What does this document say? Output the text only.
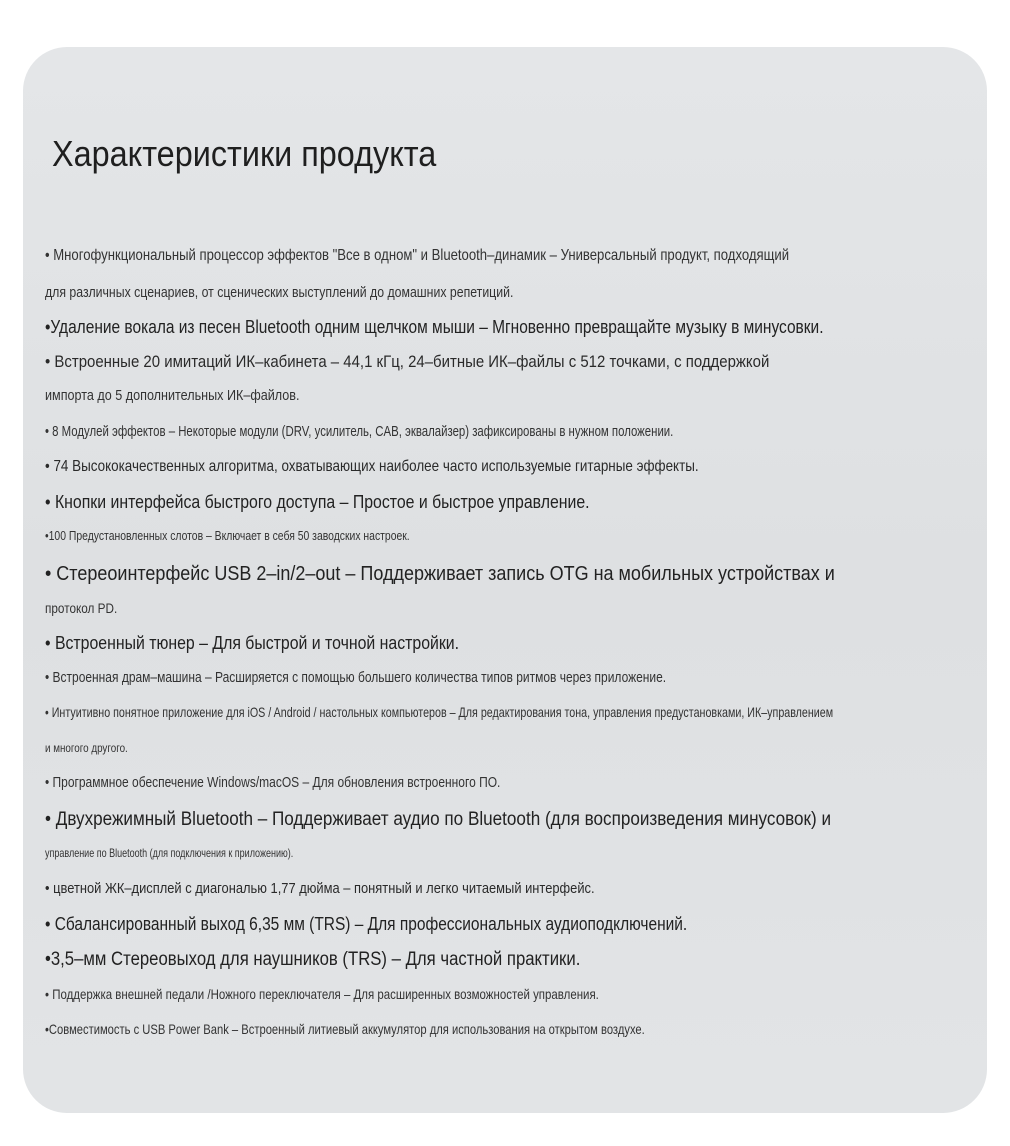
Характеристики продукта

• Многофункциональный процессор эффектов "Все в одном" и Bluetooth–динамик – Универсальный продукт, подходящий

для различных сценариев, от сценических выступлений до домашних репетиций.

•Удаление вокала из песен Bluetooth одним щелчком мыши – Мгновенно превращайте музыку в минусовки.

• Встроенные 20 имитаций ИК–кабинета – 44,1 кГц, 24–битные ИК–файлы с 512 точками, с поддержкой

импорта до 5 дополнительных ИК–файлов.

• 8 Модулей эффектов – Некоторые модули (DRV, усилитель, CAB, эквалайзер) зафиксированы в нужном положении.

• 74 Высококачественных алгоритма, охватывающих наиболее часто используемые гитарные эффекты.

• Кнопки интерфейса быстрого доступа – Простое и быстрое управление.

•100 Предустановленных слотов – Включает в себя 50 заводских настроек.

• Стереоинтерфейс USB 2–in/2–out – Поддерживает запись OTG на мобильных устройствах и

протокол PD.

• Встроенный тюнер – Для быстрой и точной настройки.

• Встроенная драм–машина – Расширяется с помощью большего количества типов ритмов через приложение.

• Интуитивно понятное приложение для iOS / Android / настольных компьютеров – Для редактирования тона, управления предустановками, ИК–управлением

и многого другого.

• Программное обеспечение Windows/macOS – Для обновления встроенного ПО.

• Двухрежимный Bluetooth – Поддерживает аудио по Bluetooth (для воспроизведения минусовок) и

управление по Bluetooth (для подключения к приложению).

• цветной ЖК–дисплей с диагональю 1,77 дюйма – понятный и легко читаемый интерфейс.

• Сбалансированный выход 6,35 мм (TRS) – Для профессиональных аудиоподключений.

•3,5–мм Стереовыход для наушников (TRS) – Для частной практики.

• Поддержка внешней педали /Ножного переключателя – Для расширенных возможностей управления.

•Совместимость с USB Power Bank – Встроенный литиевый аккумулятор для использования на открытом воздухе.
